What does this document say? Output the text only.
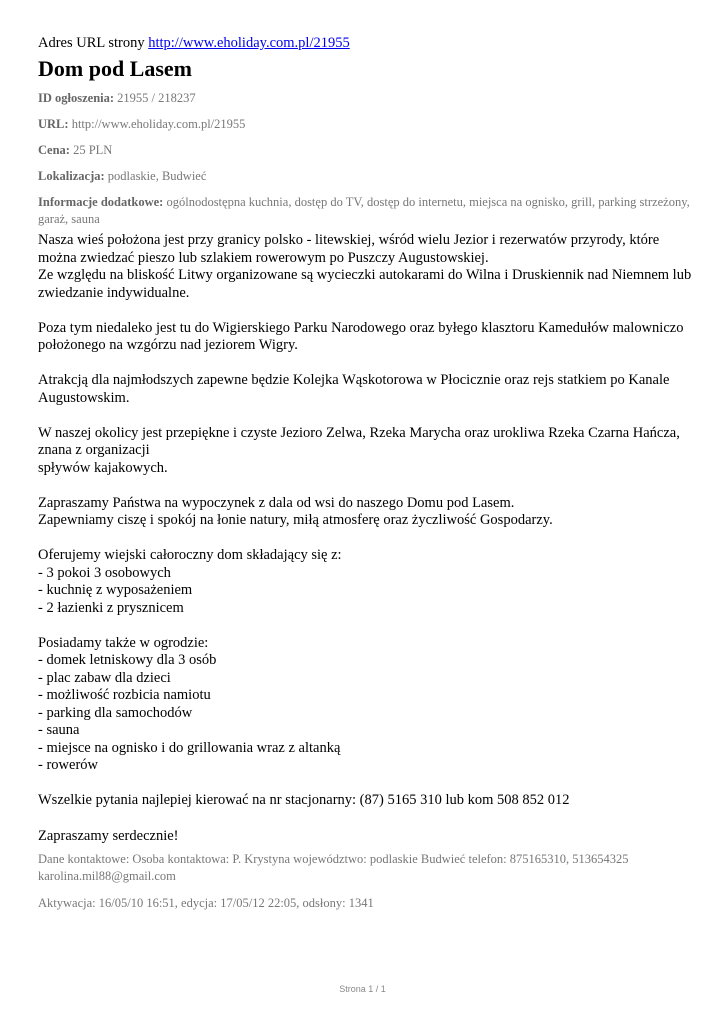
Adres URL strony http://www.eholiday.com.pl/21955

Dom pod Lasem

ID ogłoszenia: 21955 / 218237

URL: http://www.eholiday.com.pl/21955

Cena: 25 PLN

Lokalizacja: podlaskie, Budwieć

Informacje dodatkowe: ogólnodostępna kuchnia, dostęp do TV, dostęp do internetu, miejsca na ognisko, grill, parking strzeżony, garaż, sauna

Nasza wieś położona jest przy granicy polsko - litewskiej, wśród wielu Jezior i rezerwatów przyrody, które można zwiedzać pieszo lub szlakiem rowerowym po Puszczy Augustowskiej.
Ze względu na bliskość Litwy organizowane są wycieczki autokarami do Wilna i Druskiennik nad Niemnem lub zwiedzanie indywidualne.
Poza tym niedaleko jest tu do Wigierskiego Parku Narodowego oraz byłego klasztoru Kamedułów malowniczo położonego na wzgórzu nad jeziorem Wigry.
Atrakcją dla najmłodszych zapewne będzie Kolejka Wąskotorowa w Płocicznie oraz rejs statkiem po Kanale Augustowskim.
W naszej okolicy jest przepiękne i czyste Jezioro Zelwa, Rzeka Marycha oraz urokliwa Rzeka Czarna Hańcza, znana z organizacji
spływów kajakowych.
Zapraszamy Państwa na wypoczynek z dala od wsi do naszego Domu pod Lasem.
Zapewniamy ciszę i spokój na łonie natury, miłą atmosferę oraz życzliwość Gospodarzy.
Oferujemy wiejski całoroczny dom składający się z:
- 3 pokoi 3 osobowych
- kuchnię z wyposażeniem
- 2 łazienki z prysznicem
Posiadamy także w ogrodzie:
- domek letniskowy dla 3 osób
- plac zabaw dla dzieci
- możliwość rozbicia namiotu
- parking dla samochodów
- sauna
- miejsce na ognisko i do grillowania wraz z altanką
- rowerów
Wszelkie pytania najlepiej kierować na nr stacjonarny: (87) 5165 310 lub kom 508 852 012

Zapraszamy serdecznie!

Dane kontaktowe: Osoba kontaktowa: P. Krystyna województwo: podlaskie Budwieć telefon: 875165310, 513654325 karolina.mil88@gmail.com

Aktywacja: 16/05/10 16:51, edycja: 17/05/12 22:05, odsłony: 1341

Strona 1 / 1
